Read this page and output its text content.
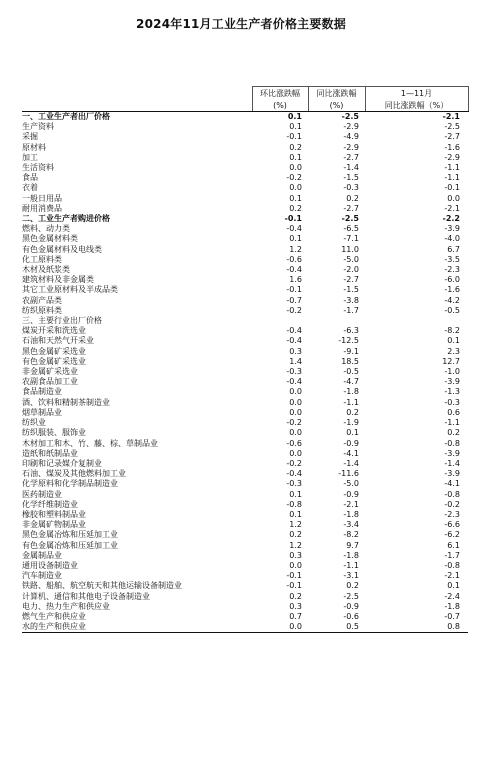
2024年11月工业生产者价格主要数据
	环比涨跌幅	同比涨跌幅	1—11月
	(%)	(%)	同比涨跌幅（%）
一、工业生产者出厂价格	0.1	-2.5	-2.1
生产资料	0.1	-2.9	-2.5
采掘	-0.1	-4.9	-2.7
原材料	0.2	-2.9	-1.6
加工	0.1	-2.7	-2.9
生活资料	0.0	-1.4	-1.1
食品	-0.2	-1.5	-1.1
衣着	0.0	-0.3	-0.1
一般日用品	0.1	0.2	0.0
耐用消费品	0.2	-2.7	-2.1
二、工业生产者购进价格	-0.1	-2.5	-2.2
燃料、动力类	-0.4	-6.5	-3.9
黑色金属材料类	0.1	-7.1	-4.0
有色金属材料及电线类	1.2	11.0	6.7
化工原料类	-0.6	-5.0	-3.5
木材及纸浆类	-0.4	-2.0	-2.3
建筑材料及非金属类	1.6	-2.7	-6.0
其它工业原材料及半成品类	-0.1	-1.5	-1.6
农副产品类	-0.7	-3.8	-4.2
纺织原料类	-0.2	-1.7	-0.5
三、主要行业出厂价格			
煤炭开采和洗选业	-0.4	-6.3	-8.2
石油和天然气开采业	-0.4	-12.5	0.1
黑色金属矿采选业	0.3	-9.1	2.3
有色金属矿采选业	1.4	18.5	12.7
非金属矿采选业	-0.3	-0.5	-1.0
农副食品加工业	-0.4	-4.7	-3.9
食品制造业	0.0	-1.8	-1.3
酒、饮料和精制茶制造业	0.0	-1.1	-0.3
烟草制品业	0.0	0.2	0.6
纺织业	-0.2	-1.9	-1.1
纺织服装、服饰业	0.0	0.1	0.2
木材加工和木、竹、藤、棕、草制品业	-0.6	-0.9	-0.8
造纸和纸制品业	0.0	-4.1	-3.9
印刷和记录媒介复制业	-0.2	-1.4	-1.4
石油、煤炭及其他燃料加工业	-0.4	-11.6	-3.9
化学原料和化学制品制造业	-0.3	-5.0	-4.1
医药制造业	0.1	-0.9	-0.8
化学纤维制造业	-0.8	-2.1	-0.2
橡胶和塑料制品业	0.1	-1.8	-2.3
非金属矿物制品业	1.2	-3.4	-6.6
黑色金属冶炼和压延加工业	0.2	-8.2	-6.2
有色金属冶炼和压延加工业	1.2	9.7	6.1
金属制品业	0.3	-1.8	-1.7
通用设备制造业	0.0	-1.1	-0.8
汽车制造业	-0.1	-3.1	-2.1
铁路、船舶、航空航天和其他运输设备制造业	-0.1	0.2	0.1
计算机、通信和其他电子设备制造业	0.2	-2.5	-2.4
电力、热力生产和供应业	0.3	-0.9	-1.8
燃气生产和供应业	0.7	-0.6	-0.7
水的生产和供应业	0.0	0.5	0.8
